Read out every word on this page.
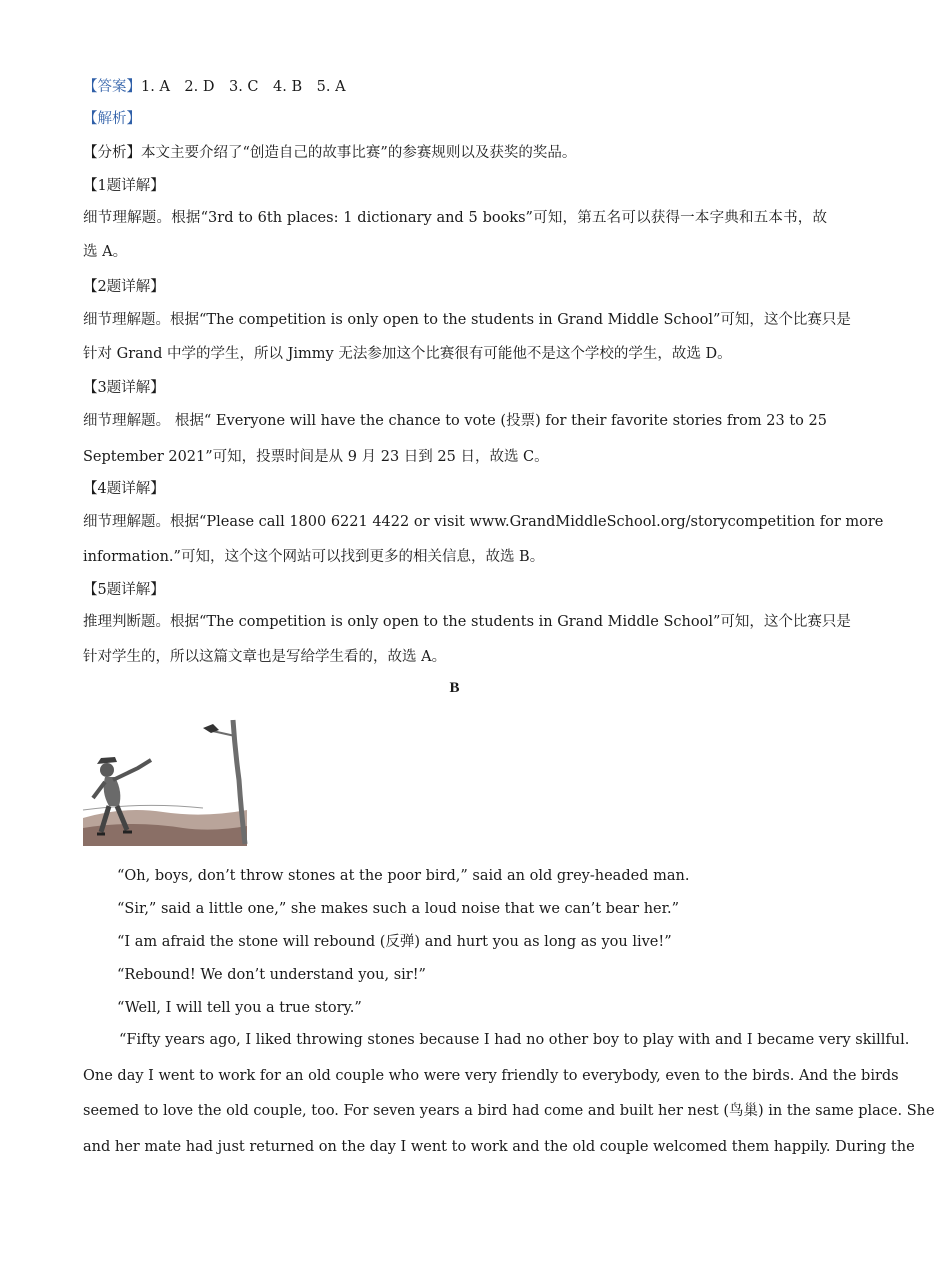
【答案】1. A　2. D　3. C　4. B　5. A
【解析】
【分析】本文主要介绍了“创造自己的故事比赛”的参赛规则以及获奖的奖品。
【1题详解】
细节理解题。根据“3rd to 6th places: 1 dictionary and 5 books”可知，第五名可以获得一本字典和五本书，故
选 A。
【2题详解】
细节理解题。根据“The competition is only open to the students in Grand Middle School”可知，这个比赛只是
针对 Grand 中学的学生，所以 Jimmy 无法参加这个比赛很有可能他不是这个学校的学生，故选 D。
【3题详解】
细节理解题。 根据“ Everyone will have the chance to vote (投票) for their favorite stories from 23 to 25
September 2021”可知，投票时间是从 9 月 23 日到 25 日，故选 C。
【4题详解】
细节理解题。根据“Please call 1800 6221 4422 or visit www.GrandMiddleSchool.org/storycompetition for more
information.”可知，这个这个网站可以找到更多的相关信息，故选 B。
【5题详解】
推理判断题。根据“The competition is only open to the students in Grand Middle School”可知，这个比赛只是
针对学生的，所以这篇文章也是写给学生看的，故选 A。
B
“Oh, boys, don’t throw stones at the poor bird,” said an old grey-headed man.
“Sir,” said a little one,” she makes such a loud noise that we can’t bear her.”
“I am afraid the stone will rebound (反弹) and hurt you as long as you live!”
“Rebound! We don’t understand you, sir!”
“Well, I will tell you a true story.”
“Fifty years ago, I liked throwing stones because I had no other boy to play with and I became very skillful.
One day I went to work for an old couple who were very friendly to everybody, even to the birds. And the birds
seemed to love the old couple, too. For seven years a bird had come and built her nest (鸟巢) in the same place. She
and her mate had just returned on the day I went to work and the old couple welcomed them happily. During the
